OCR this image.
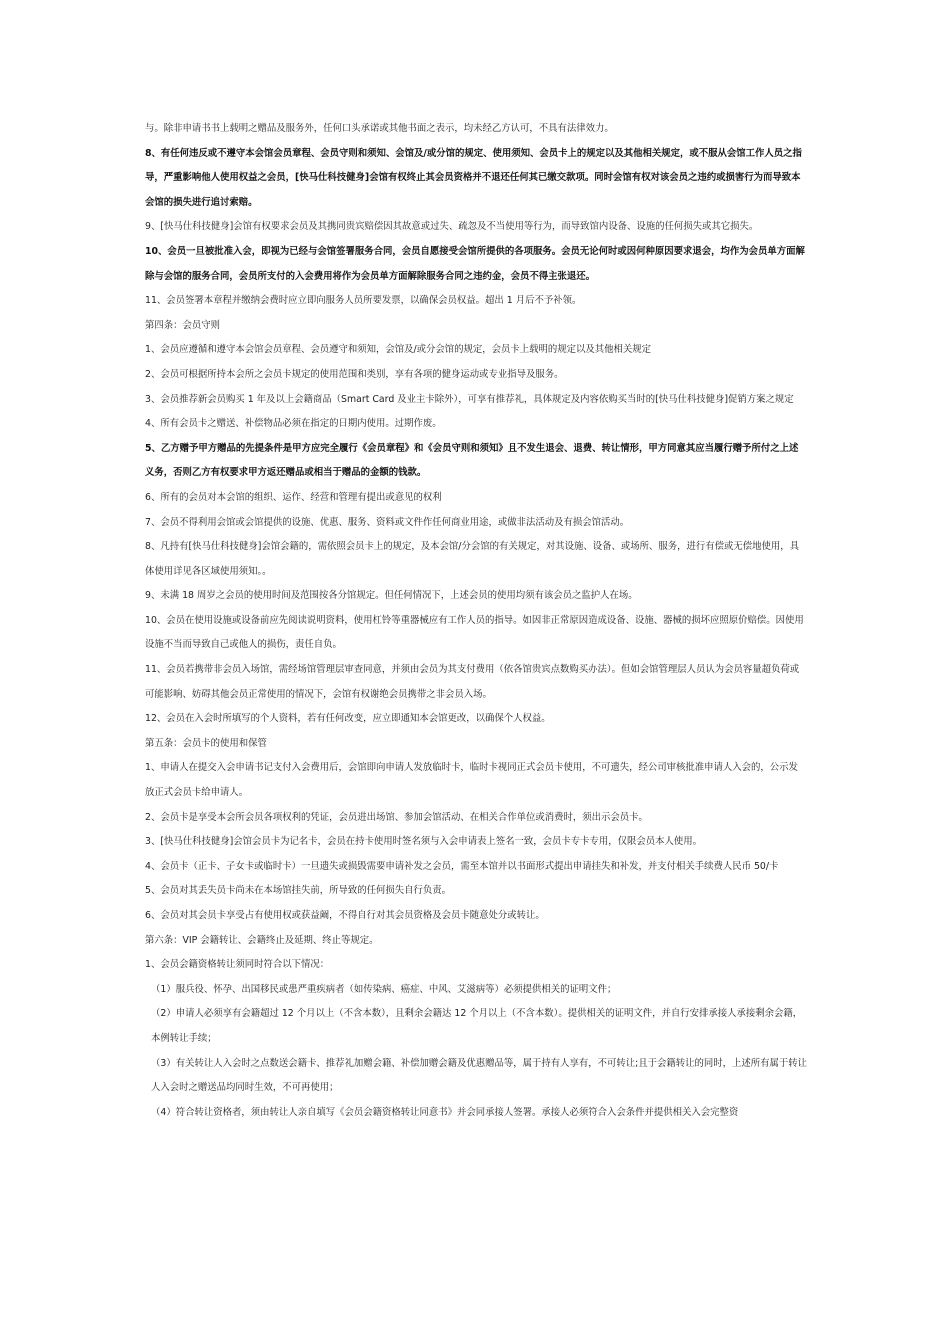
与。除非申请书书上载明之赠品及服务外，任何口头承诺或其他书面之表示，均未经乙方认可，不具有法律效力。

8、有任何违反或不遵守本会馆会员章程、会员守则和须知、会馆及/或分馆的规定、使用须知、会员卡上的规定以及其他相关规定，或不服从会馆工作人员之指导，严重影响他人使用权益之会员，[快马仕科技健身]会馆有权终止其会员资格并不退还任何其已缴交款项。同时会馆有权对该会员之违约或损害行为而导致本会馆的损失进行追讨索赔。

9、[快马仕科技健身]会馆有权要求会员及其携同贵宾赔偿因其故意或过失、疏忽及不当使用等行为，而导致馆内设备、设施的任何损失或其它损失。

10、会员一旦被批准入会，即视为已经与会馆签署服务合同，会员自愿接受会馆所提供的各项服务。会员无论何时或因何种原因要求退会，均作为会员单方面解除与会馆的服务合同，会员所支付的入会费用将作为会员单方面解除服务合同之违约金，会员不得主张退还。

11、会员签署本章程并缴纳会费时应立即向服务人员所要发票，以确保会员权益。超出 1 月后不予补领。

第四条：会员守则

1、会员应遵循和遵守本会馆会员章程、会员遵守和须知，会馆及/或分会馆的规定，会员卡上载明的规定以及其他相关规定

2、会员可根据所持本会所之会员卡规定的使用范围和类别，享有各项的健身运动或专业指导及服务。

3、会员推荐新会员购买 1 年及以上会籍商品（Smart Card 及业主卡除外），可享有推荐礼，具体规定及内容依购买当时的[快马仕科技健身]促销方案之规定

4、所有会员卡之赠送、补偿物品必须在指定的日期内使用。过期作废。

5、乙方赠予甲方赠品的先提条件是甲方应完全履行《会员章程》和《会员守则和须知》且不发生退会、退费、转让情形，甲方同意其应当履行赠予所付之上述义务，否则乙方有权要求甲方返还赠品或相当于赠品的金额的钱款。

6、所有的会员对本会馆的组织、运作、经营和管理有提出或意见的权利

7、会员不得利用会馆或会馆提供的设施、优惠、服务、资料或文件作任何商业用途，或做非法活动及有损会馆活动。

8、凡持有[快马仕科技健身]会馆会籍的，需依照会员卡上的规定，及本会馆/分会馆的有关规定，对其设施、设备、或场所、服务，进行有偿或无偿地使用，具体使用详见各区域使用须知。。

9、未满 18 周岁之会员的使用时间及范围按各分馆规定。但任何情况下，上述会员的使用均须有该会员之监护人在场。

10、会员在使用设施或设备前应先阅读说明资料，使用杠铃等重器械应有工作人员的指导。如因非正常原因造成设备、设施、器械的损坏应照原价赔偿。因使用设施不当而导致自己或他人的损伤，责任自负。

11、会员若携带非会员入场馆，需经场馆管理层审查同意，并须由会员为其支付费用（依各馆贵宾点数购买办法）。但如会馆管理层人员认为会员容量超负荷或可能影响、妨碍其他会员正常使用的情况下，会馆有权谢绝会员携带之非会员入场。

12、会员在入会时所填写的个人资料，若有任何改变，应立即通知本会馆更改，以确保个人权益。

第五条：会员卡的使用和保管

1、申请人在提交入会申请书记支付入会费用后，会馆即向申请人发放临时卡，临时卡视同正式会员卡使用，不可遗失，经公司审核批准申请人入会的，公示发放正式会员卡给申请人。

2、会员卡是享受本会所会员各项权利的凭证，会员进出场馆、参加会馆活动、在相关合作单位或消费时，须出示会员卡。

3、[快马仕科技健身]会馆会员卡为记名卡，会员在持卡使用时签名须与入会申请表上签名一致，会员卡专卡专用，仅限会员本人使用。

4、会员卡（正卡、子女卡或临时卡）一旦遗失或损毁需要申请补发之会员，需至本馆并以书面形式提出申请挂失和补发，并支付相关手续费人民币 50/卡

5、会员对其丢失员卡尚未在本场馆挂失前，所导致的任何损失自行负责。

6、会员对其会员卡享受占有使用权或获益阚，不得自行对其会员资格及会员卡随意处分或转让。

第六条：VIP 会籍转让、会籍终止及延期、终止等规定。

1、会员会籍资格转让须同时符合以下情况：

（1）服兵役、怀孕、出国移民或患严重疾病者（如传染病、癌症、中风、艾滋病等）必须提供相关的证明文件；

（2）申请人必须享有会籍超过 12 个月以上（不含本数），且剩余会籍达 12 个月以上（不含本数）。提供相关的证明文件，并自行安排承接人承接剩余会籍，本例转让手续；

（3）有关转让人入会时之点数送会籍卡、推荐礼加赠会籍、补偿加赠会籍及优惠赠品等，属于持有人享有，不可转让;且于会籍转让的同时，上述所有属于转让人入会时之赠送品均同时生效，不可再使用；

（4）符合转让资格者，须由转让人亲自填写《会员会籍资格转让同意书》并会同承接人签署。承接人必须符合入会条件并提供相关入会完整资
